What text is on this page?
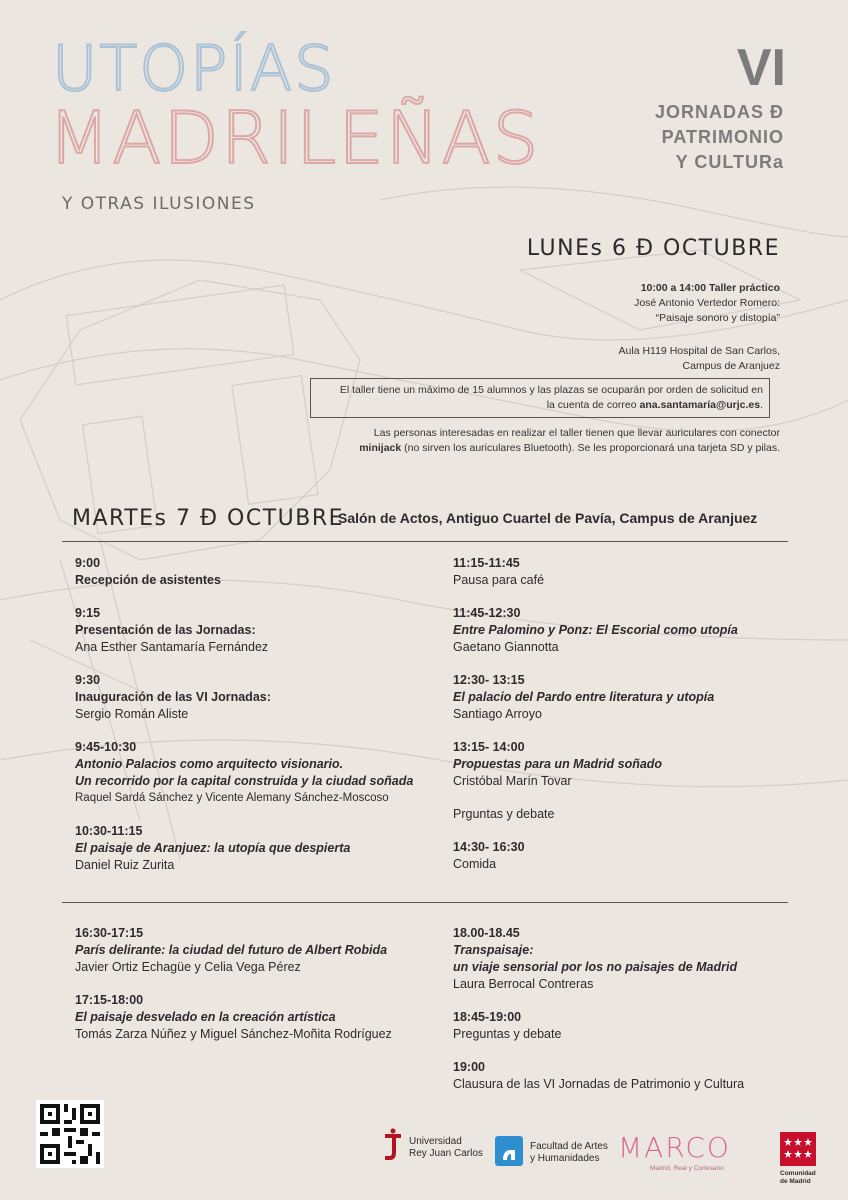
UTOPÍAS
MADRILEÑAS
Y OTRAS ILUSIONES
VI
JORNADAS Đ
PATRIMONIO
Y CULTURa
LUNEs 6 Đ OCTUBRE
10:00 a 14:00 Taller práctico
José Antonio Vertedor Romero:
“Paisaje sonoro y distopía”
Aula H119 Hospital de San Carlos,
Campus de Aranjuez
El taller tiene un máximo de 15 alumnos y las plazas se ocuparán por orden de solicitud en
la cuenta de correo ana.santamaría@urjc.es.
Las personas interesadas en realizar el taller tienen que llevar auriculares con conector
minijack (no sirven los auriculares Bluetooth). Se les proporcionará una tarjeta SD y pilas.
MARTEs 7 Đ OCTUBRE
Salón de Actos, Antiguo Cuartel de Pavía, Campus de Aranjuez
9:00
Recepción de asistentes
9:15
Presentación de las Jornadas:
Ana Esther Santamaría Fernández
9:30
Inauguración de las VI Jornadas:
Sergio Román Aliste
9:45-10:30
Antonio Palacios como arquitecto visionario.
Un recorrido por la capital construida y la ciudad soñada
Raquel Sardá Sánchez y Vicente Alemany Sánchez-Moscoso
10:30-11:15
El paisaje de Aranjuez: la utopía que despierta
Daniel Ruiz Zurita
11:15-11:45
Pausa para café
11:45-12:30
Entre Palomino y Ponz: El Escorial como utopía
Gaetano Giannotta
12:30- 13:15
El palacio del Pardo entre literatura y utopía
Santiago Arroyo
13:15- 14:00
Propuestas para un Madrid soñado
Cristóbal Marín Tovar
Prguntas y debate
14:30- 16:30
Comida
16:30-17:15
París delirante: la ciudad del futuro de Albert Robida
Javier Ortiz Echagüe y Celia Vega Pérez
17:15-18:00
El paisaje desvelado en la creación artística
Tomás Zarza Núñez y Miguel Sánchez-Moñita Rodríguez
18.00-18.45
Transpaisaje:
un viaje sensorial por los no paisajes de Madrid
Laura Berrocal Contreras
18:45-19:00
Preguntas y debate
19:00
Clausura de las VI Jornadas de Patrimonio y Cultura
Universidad
Rey Juan Carlos
Facultad de Artes
y Humanidades MARCO
Madrid, Real y Cortesano
Comunidad
de Madrid
